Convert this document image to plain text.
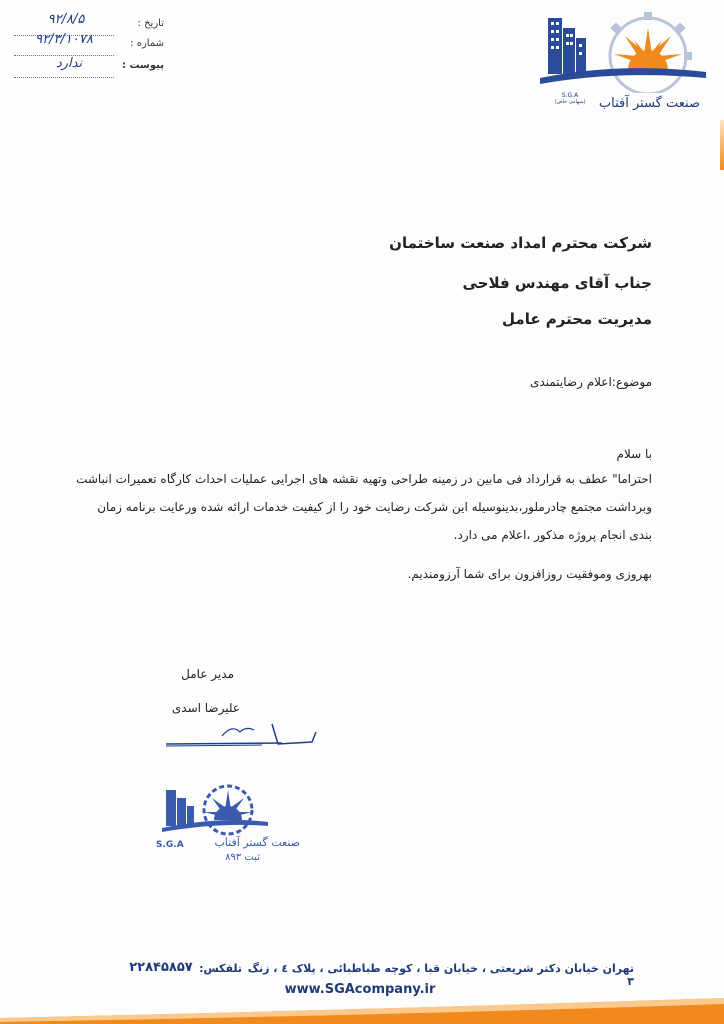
تاریخ :
۹۲/۸/۵
شماره :
۹۲/۳/۱۰۷۸
پیوست :
ندارد
S.G.A
(سهامی خاص)	صنعت گستر آفتاب
شرکت محترم امداد صنعت ساختمان
جناب آقای مهندس فلاحی
مدیریت محترم عامل
موضوع:اعلام رضایتمندی
با سلام
احتراما" عطف به قرارداد فی مابین در زمینه طراحی وتهیه نقشه های اجرایی عملیات احداث کارگاه تعمیرات انباشت
وبرداشت مجتمع چادرملور،بدینوسیله این شرکت رضایت خود را از کیفیت خدمات ارائه شده ورعایت برنامه زمان
بندی انجام پروژه مذکور ،اعلام می دارد.
بهروزی وموفقیت روزافزون برای شما آرزومندیم.
مدیر عامل
علیرضا اسدی
S.G.A	صنعت گستر آفتاب
ثبت ۸۹۳
تهران خیابان دکتر شریعتی ، خیابان قبا ، کوچه طباطبائی ، پلاک ٤ ، زنگ ٣
تلفکس:
۲۲۸۴۵۸۵۷
www.SGAcompany.ir
